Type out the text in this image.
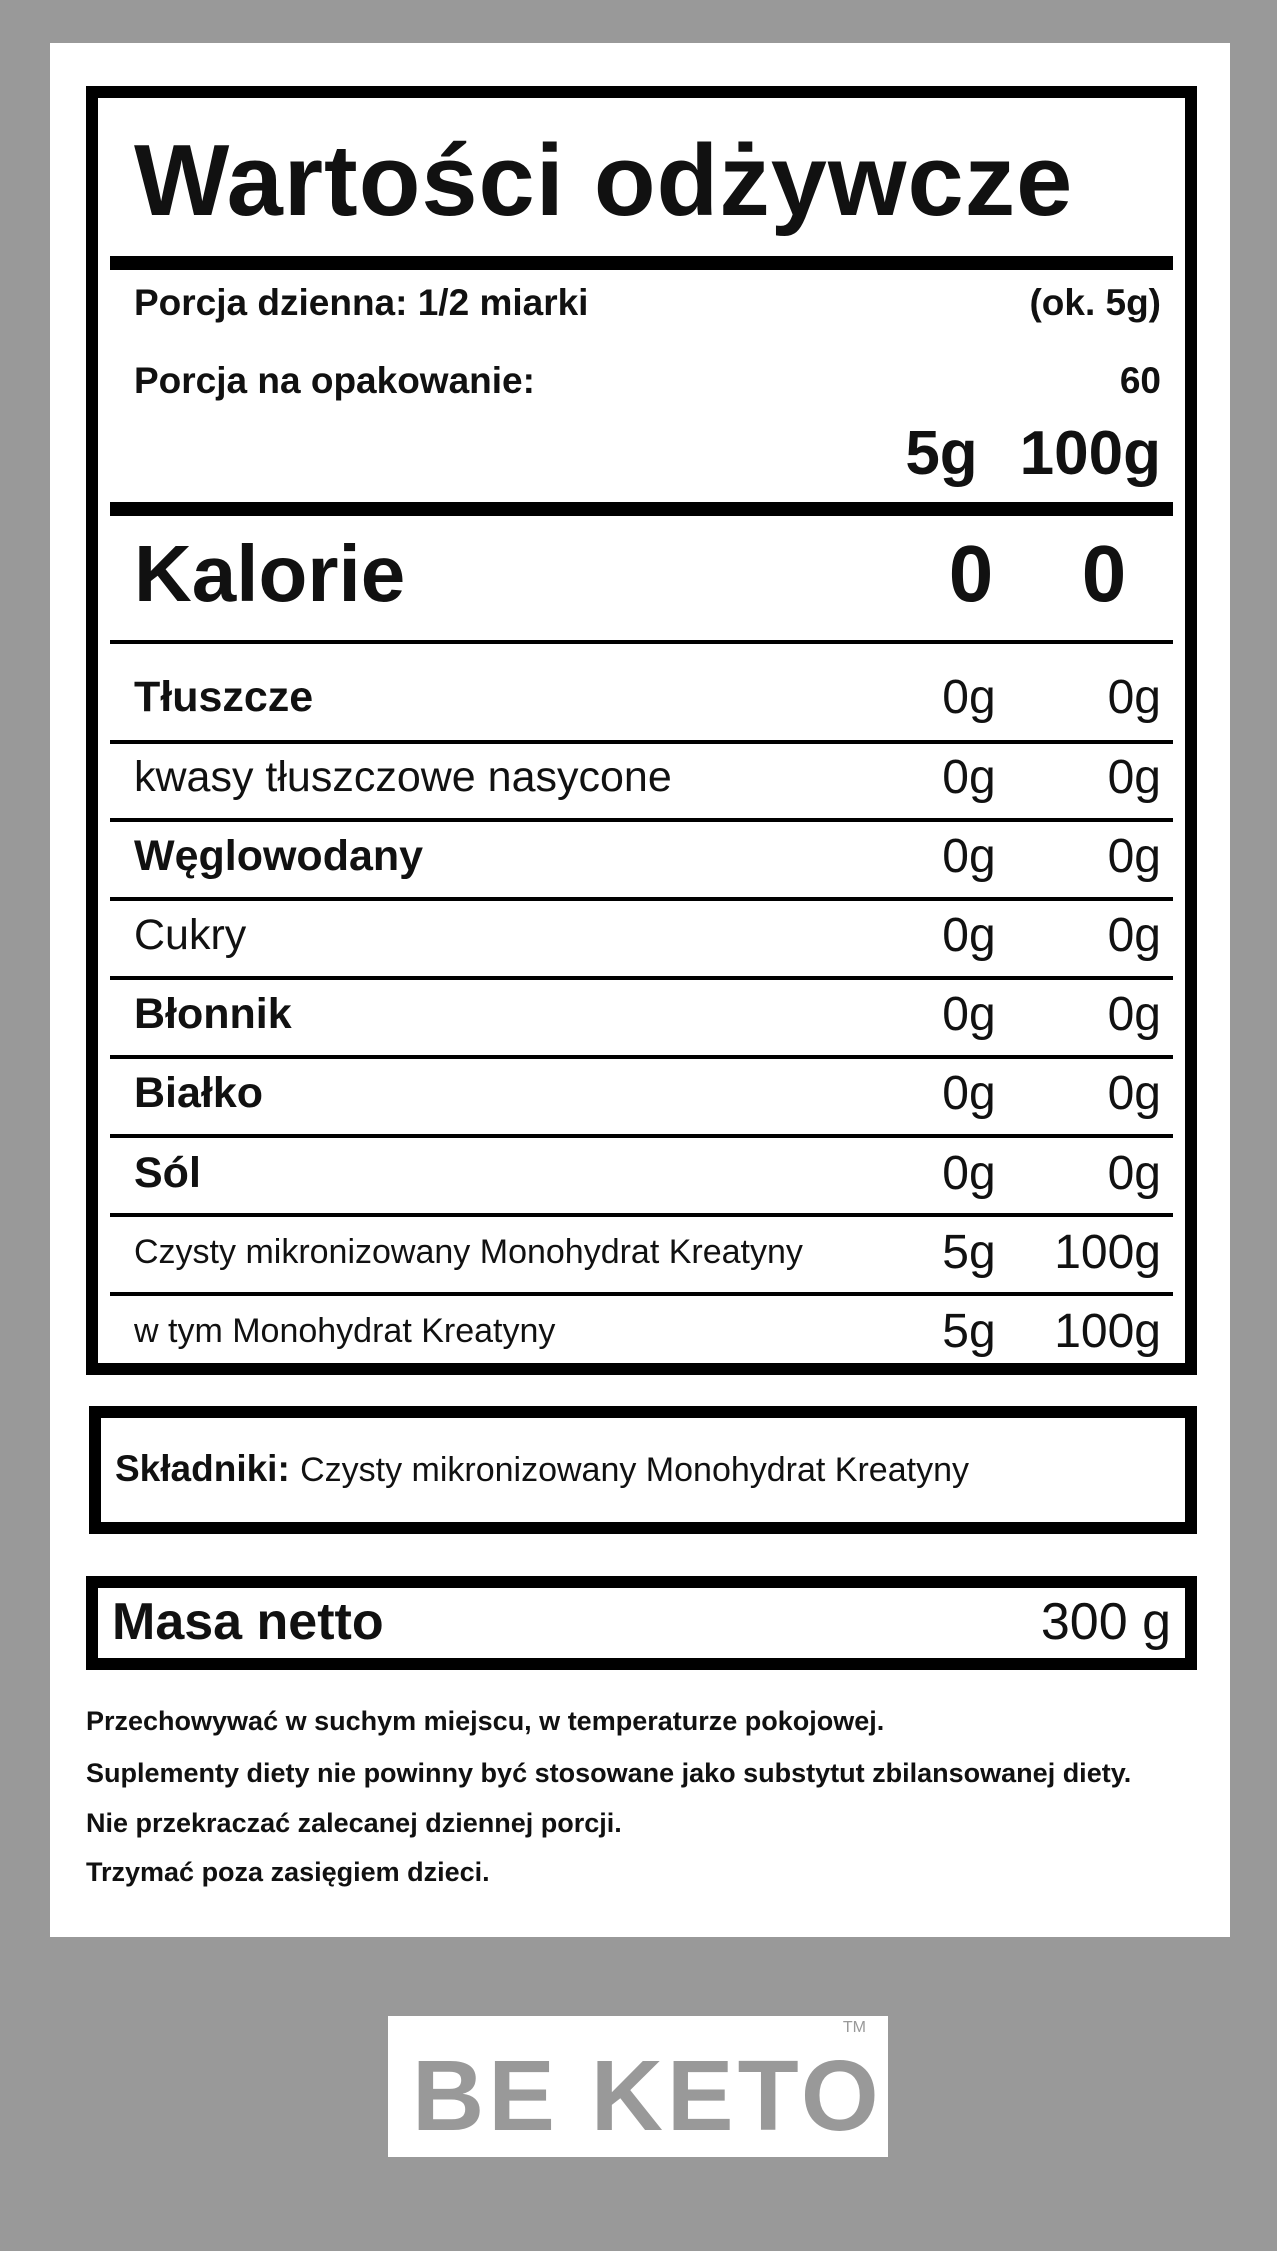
Wartości odżywcze
Porcja dzienna: 1/2 miarki	(ok. 5g)
Porcja na opakowanie:	60
5g 100g
Kalorie	0 0
Tłuszcze	0g	0g
kwasy tłuszczowe nasycone	0g	0g
Węglowodany	0g	0g
Cukry	0g	0g
Błonnik	0g	0g
Białko	0g	0g
Sól	0g	0g
Czysty mikronizowany Monohydrat Kreatyny	5g	100g
w tym Monohydrat Kreatyny	5g	100g
Składniki: Czysty mikronizowany Monohydrat Kreatyny
Masa netto	300 g
Przechowywać w suchym miejscu, w temperaturze pokojowej.
Suplementy diety nie powinny być stosowane jako substytut zbilansowanej diety.
Nie przekraczać zalecanej dziennej porcji.
Trzymać poza zasięgiem dzieci.
BE KETO
TM
